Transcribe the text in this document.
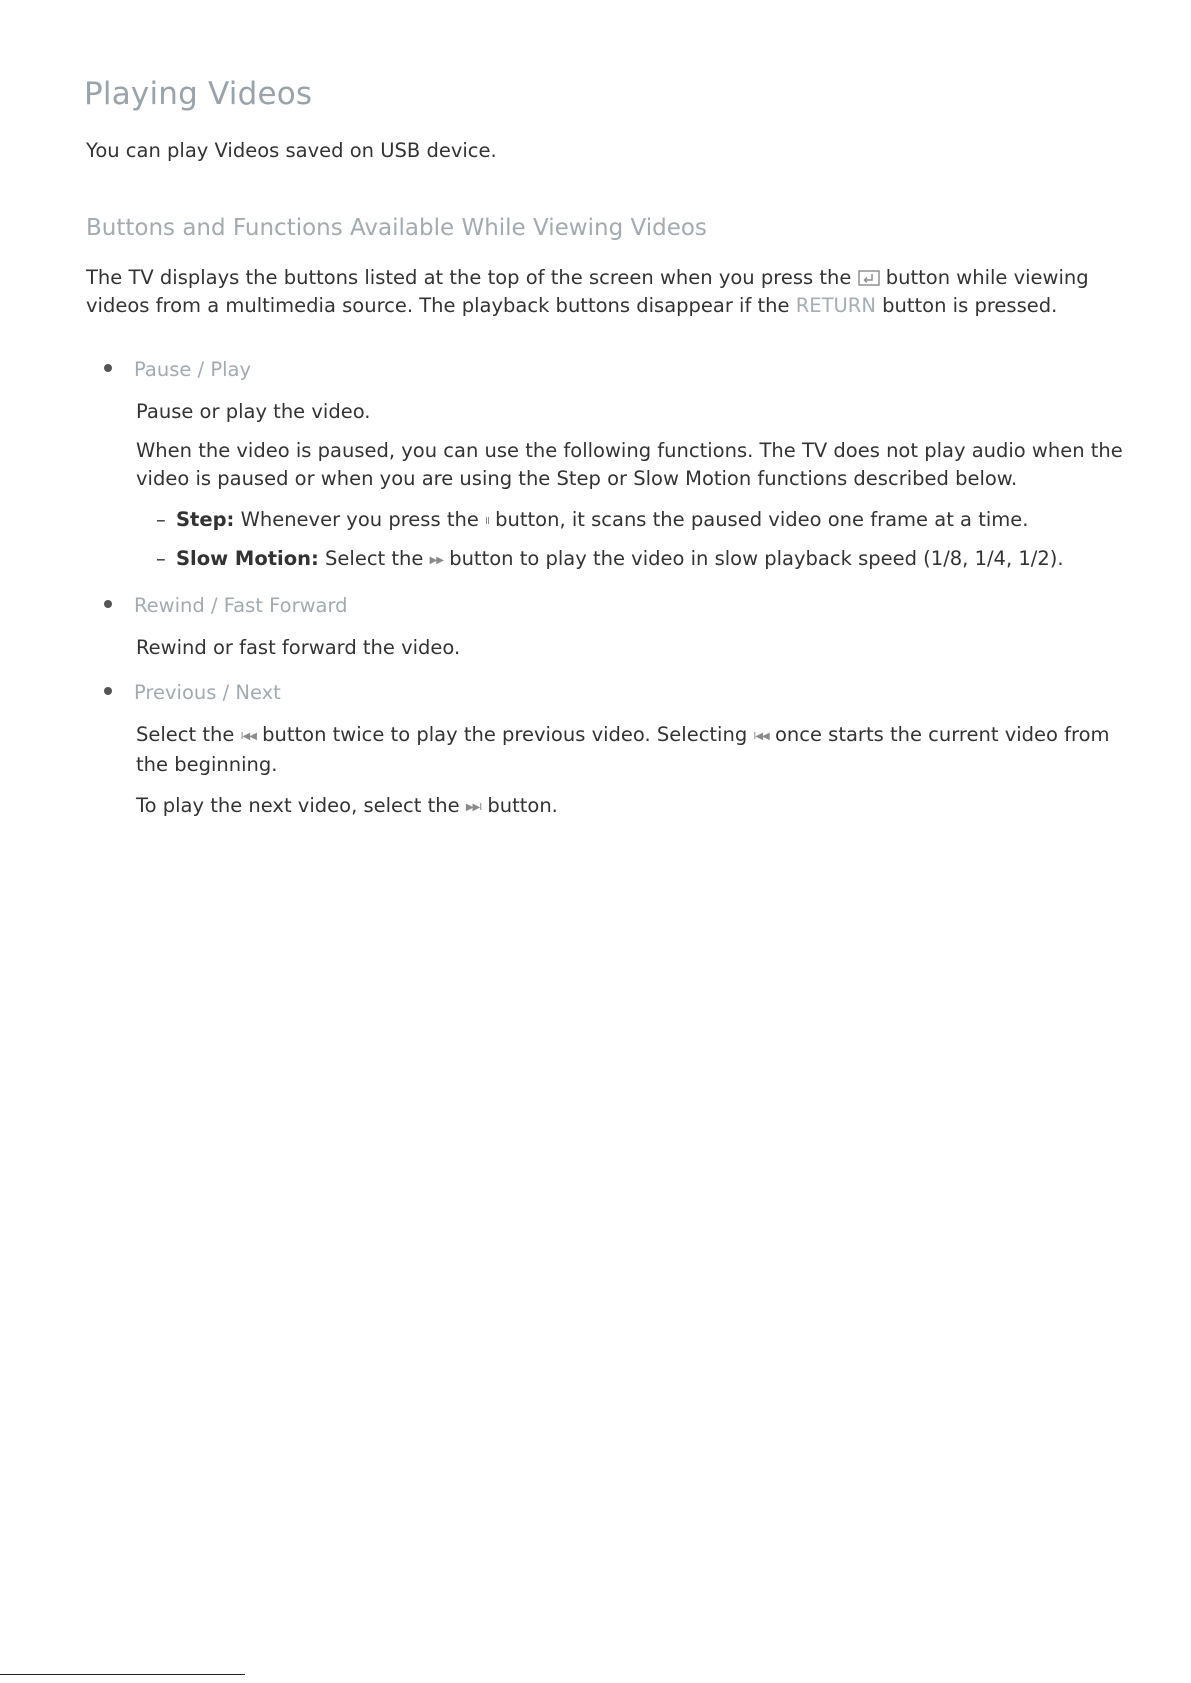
Playing Videos

You can play Videos saved on USB device.

Buttons and Functions Available While Viewing Videos

The TV displays the buttons listed at the top of the screen when you press the button while viewing videos from a multimedia source. The playback buttons disappear if the RETURN button is pressed.

Pause / Play

Pause or play the video.

When the video is paused, you can use the following functions. The TV does not play audio when the video is paused or when you are using the Step or Slow Motion functions described below.

– Step: Whenever you press the II button, it scans the paused video one frame at a time.

– Slow Motion: Select the ▶▶ button to play the video in slow playback speed (1/8, 1/4, 1/2).

Rewind / Fast Forward

Rewind or fast forward the video.

Previous / Next

Select the I◀◀ button twice to play the previous video. Selecting I◀◀ once starts the current video from the beginning.

To play the next video, select the ▶▶I button.
